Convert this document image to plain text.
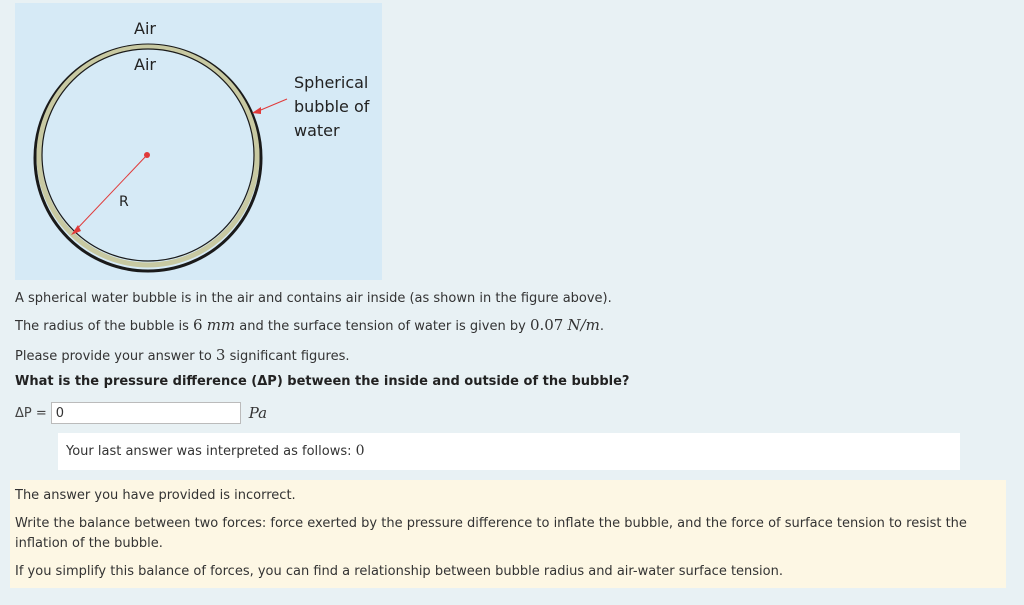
Air
Air
Spherical
bubble of
water
R

A spherical water bubble is in the air and contains air inside (as shown in the figure above).

The radius of the bubble is 6 mm and the surface tension of water is given by 0.07 N/m.

Please provide your answer to 3 significant figures.

What is the pressure difference (ΔP) between the inside and outside of the bubble?

ΔP =
0	Pa
Your last answer was interpreted as follows: 0

The answer you have provided is incorrect.

Write the balance between two forces: force exerted by the pressure difference to inflate the bubble, and the force of surface tension to resist the inflation of the bubble.

If you simplify this balance of forces, you can find a relationship between bubble radius and air-water surface tension.
